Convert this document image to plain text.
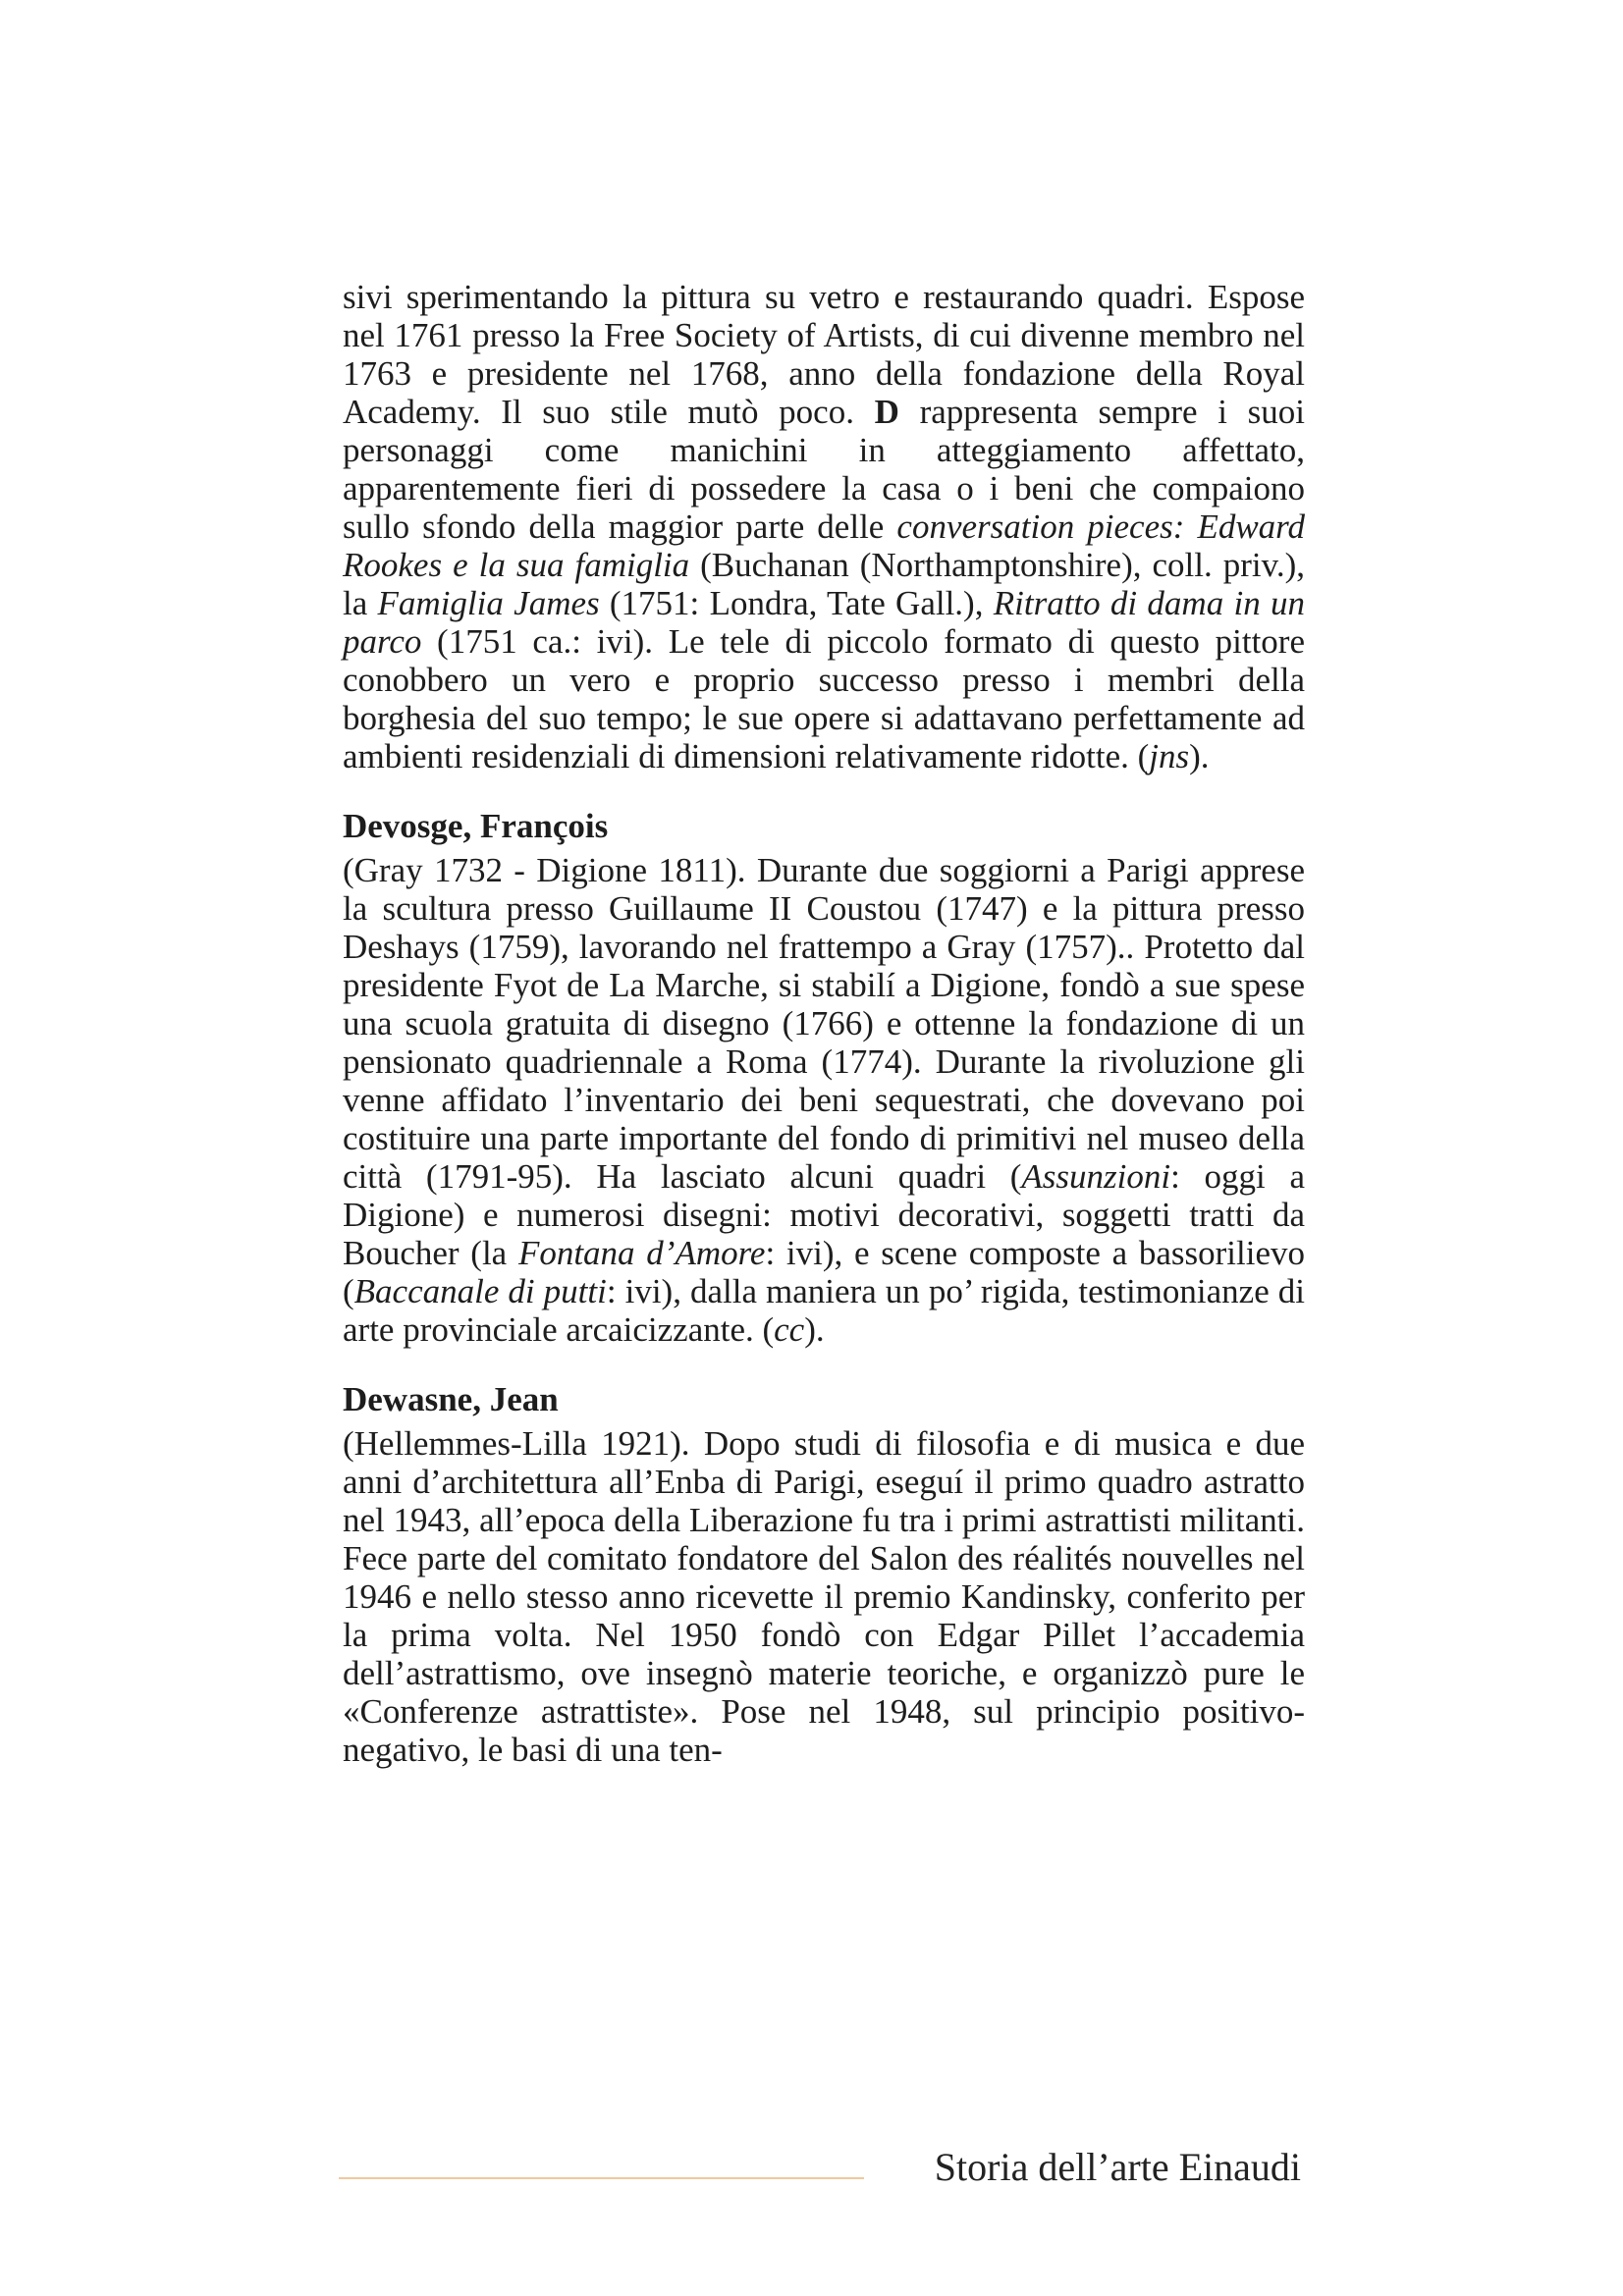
sivi sperimentando la pittura su vetro e restaurando quadri. Espose nel 1761 presso la Free Society of Artists, di cui divenne membro nel 1763 e presidente nel 1768, anno della fondazione della Royal Academy. Il suo stile mutò poco. D rappresenta sempre i suoi personaggi come manichini in atteggiamento affettato, apparentemente fieri di possedere la casa o i beni che compaiono sullo sfondo della maggior parte delle conversation pieces: Edward Rookes e la sua famiglia (Buchanan (Northamptonshire), coll. priv.), la Famiglia James (1751: Londra, Tate Gall.), Ritratto di dama in un parco (1751 ca.: ivi). Le tele di piccolo formato di questo pittore conobbero un vero e proprio successo presso i membri della borghesia del suo tempo; le sue opere si adattavano perfettamente ad ambienti residenziali di dimensioni relativamente ridotte. (jns).

Devosge, François

(Gray 1732 - Digione 1811). Durante due soggiorni a Parigi apprese la scultura presso Guillaume II Coustou (1747) e la pittura presso Deshays (1759), lavorando nel frattempo a Gray (1757).. Protetto dal presidente Fyot de La Marche, si stabilí a Digione, fondò a sue spese una scuola gratuita di disegno (1766) e ottenne la fondazione di un pensionato quadriennale a Roma (1774). Durante la rivoluzione gli venne affidato l’inventario dei beni sequestrati, che dovevano poi costituire una parte importante del fondo di primitivi nel museo della città (1791-95). Ha lasciato alcuni quadri (Assunzioni: oggi a Digione) e numerosi disegni: motivi decorativi, soggetti tratti da Boucher (la Fontana d’Amore: ivi), e scene composte a bassorilievo (Baccanale di putti: ivi), dalla maniera un po’ rigida, testimonianze di arte provinciale arcaicizzante. (cc).

Dewasne, Jean

(Hellemmes-Lilla 1921). Dopo studi di filosofia e di musica e due anni d’architettura all’Enba di Parigi, eseguí il primo quadro astratto nel 1943, all’epoca della Liberazione fu tra i primi astrattisti militanti. Fece parte del comitato fondatore del Salon des réalités nouvelles nel 1946 e nello stesso anno ricevette il premio Kandinsky, conferito per la prima volta. Nel 1950 fondò con Edgar Pillet l’accademia dell’astrattismo, ove insegnò materie teoriche, e organizzò pure le «Conferenze astrattiste». Pose nel 1948, sul principio positivo-negativo, le basi di una ten-

Storia dell’arte Einaudi
